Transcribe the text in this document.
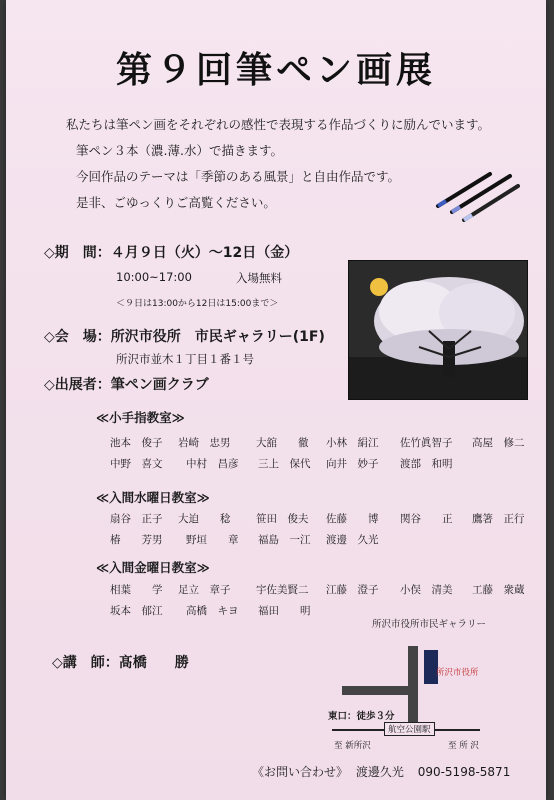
第９回筆ペン画展
私たちは筆ペン画をそれぞれの感性で表現する作品づくりに励んでいます。
筆ペン３本（濃.薄.水）で描きます。
今回作品のテーマは「季節のある風景」と自由作品です。
是非、ごゆっくりご高覧ください。
◇期　間：４月９日（火）～12日（金）
10:00~17:00	入場無料
＜９日は13:00から12日は15:00まで＞
◇会　場：所沢市役所　市民ギャラリー(1F)
所沢市並木１丁目１番１号
◇出展者：筆ペン画クラブ
≪小手指教室≫
池本　俊子 岩崎　忠男 大舘　　徹 小林　絹江 佐竹眞智子 高屋　修二
中野　喜文 中村　昌彦 三上　保代 向井　妙子 渡部　和明
≪入間水曜日教室≫
扇谷　正子 大迫　　稔 笹田　俊夫 佐藤　　博 関谷　　正 鷹箸　正行
椿　　芳男 野垣　　章 福島　一江 渡邊　久光
≪入間金曜日教室≫
相葉　　学 足立　章子 宇佐美賢二 江藤　澄子 小俣　清美 工藤　衆蔵
坂本　郁江 高橋　キヨ 福田　　明
◇講　師：髙橋　　勝
所沢市役所市民ギャラリー
所沢市役所
東口：徒歩３分
航空公園駅
至 新所沢	至 所 沢
《お問い合わせ》 渡邊久光 090-5198-5871
